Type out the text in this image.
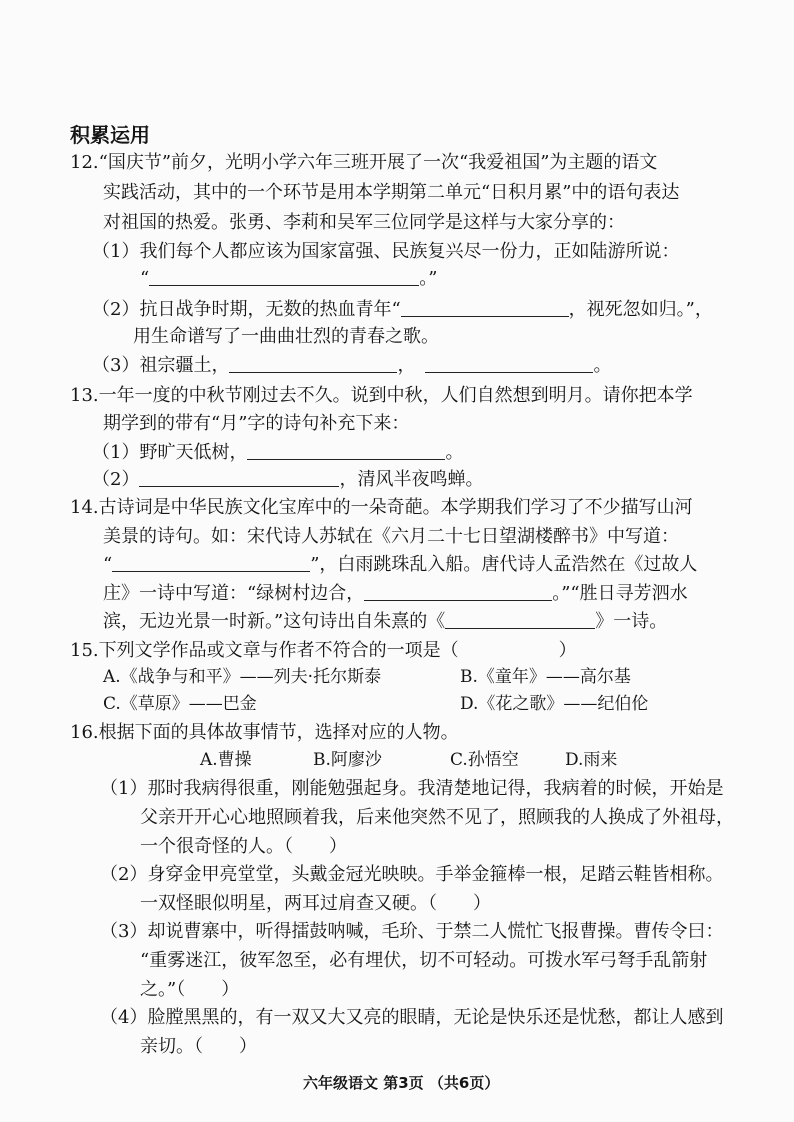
积累运用
12.“国庆节”前夕，光明小学六年三班开展了一次“我爱祖国”为主题的语文
实践活动，其中的一个环节是用本学期第二单元“日积月累”中的语句表达
对祖国的热爱。张勇、李莉和吴军三位同学是这样与大家分享的：
（1）我们每个人都应该为国家富强、民族复兴尽一份力，正如陆游所说：
“	。”
（2）抗日战争时期，无数的热血青年“	，视死忽如归。”，
用生命谱写了一曲曲壮烈的青春之歌。
（3）祖宗疆土，	，	。
13.一年一度的中秋节刚过去不久。说到中秋，人们自然想到明月。请你把本学
期学到的带有“月”字的诗句补充下来：
（1）野旷天低树，	。
（2）	，清风半夜鸣蝉。
14.古诗词是中华民族文化宝库中的一朵奇葩。本学期我们学习了不少描写山河
美景的诗句。如：宋代诗人苏轼在《六月二十七日望湖楼醉书》中写道：
“	”，白雨跳珠乱入船。唐代诗人孟浩然在《过故人
庄》一诗中写道：“绿树村边合，	。”“胜日寻芳泗水
滨，无边光景一时新。”这句诗出自朱熹的《	》一诗。
15.下列文学作品或文章与作者不符合的一项是（	）
A.《战争与和平》——列夫·托尔斯泰	B.《童年》——高尔基
C.《草原》——巴金	D.《花之歌》——纪伯伦
16.根据下面的具体故事情节，选择对应的人物。
A.曹操	B.阿廖沙	C.孙悟空	D.雨来
（1）那时我病得很重，刚能勉强起身。我清楚地记得，我病着的时候，开始是
父亲开开心心地照顾着我，后来他突然不见了，照顾我的人换成了外祖母，
一个很奇怪的人。（　　）
（2）身穿金甲亮堂堂，头戴金冠光映映。手举金箍棒一根，足踏云鞋皆相称。
一双怪眼似明星，两耳过肩查又硬。（　　）
（3）却说曹寨中，听得擂鼓呐喊，毛玠、于禁二人慌忙飞报曹操。曹传令曰：
“重雾迷江，彼军忽至，必有埋伏，切不可轻动。可拨水军弓弩手乱箭射
之。”（　　）
（4）脸膛黑黑的，有一双又大又亮的眼睛，无论是快乐还是忧愁，都让人感到
亲切。（　　）
六年级语文 第3页 （共6页）
